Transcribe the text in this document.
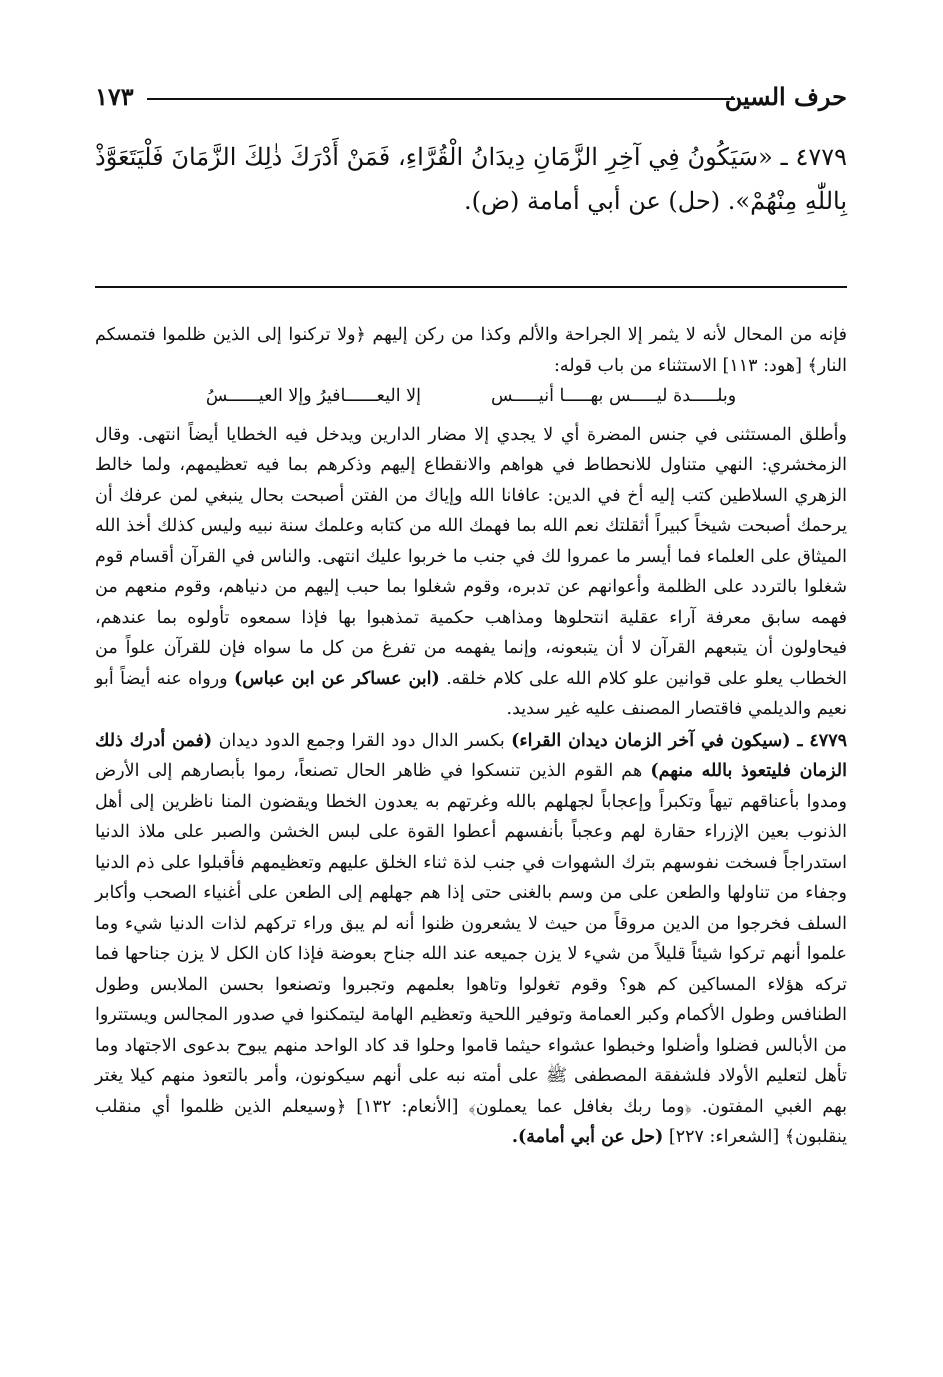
١٧٣	حرف السين
٤٧٧٩ ـ «سَيَكُونُ فِي آخِرِ الزَّمَانِ دِيدَانُ الْقُرَّاءِ، فَمَنْ أَدْرَكَ ذٰلِكَ الزَّمَانَ فَلْيَتَعَوَّذْ بِاللّٰهِ مِنْهُمْ». (حل) عن أبي أمامة (ض).

فإنه من المحال لأنه لا يثمر إلا الجراحة والألم وكذا من ركن إليهم ﴿ولا تركنوا إلى الذين ظلموا فتمسكم النار﴾ [هود: ١١٣] الاستثناء من باب قوله:

وبلـــــدة ليـــــس بهـــــا أنيـــــس
إلا اليعــــــافيرُ وإلا العيــــــسُ

وأطلق المستثنى في جنس المضرة أي لا يجدي إلا مضار الدارين ويدخل فيه الخطايا أيضاً انتهى. وقال الزمخشري: النهي متناول للانحطاط في هواهم والانقطاع إليهم وذكرهم بما فيه تعظيمهم، ولما خالط الزهري السلاطين كتب إليه أخ في الدين: عافانا الله وإياك من الفتن أصبحت بحال ينبغي لمن عرفك أن يرحمك أصبحت شيخاً كبيراً أثقلتك نعم الله بما فهمك الله من كتابه وعلمك سنة نبيه وليس كذلك أخذ الله الميثاق على العلماء فما أيسر ما عمروا لك في جنب ما خربوا عليك انتهى. والناس في القرآن أقسام قوم شغلوا بالتردد على الظلمة وأعوانهم عن تدبره، وقوم شغلوا بما حبب إليهم من دنياهم، وقوم منعهم من فهمه سابق معرفة آراء عقلية انتحلوها ومذاهب حكمية تمذهبوا بها فإذا سمعوه تأولوه بما عندهم، فيحاولون أن يتبعهم القرآن لا أن يتبعونه، وإنما يفهمه من تفرغ من كل ما سواه فإن للقرآن علواً من الخطاب يعلو على قوانين علو كلام الله على كلام خلقه. (ابن عساكر عن ابن عباس) ورواه عنه أيضاً أبو نعيم والديلمي فاقتصار المصنف عليه غير سديد.

٤٧٧٩ ـ (سيكون في آخر الزمان ديدان القراء) بكسر الدال دود القرا وجمع الدود ديدان (فمن أدرك ذلك الزمان فليتعوذ بالله منهم) هم القوم الذين تنسكوا في ظاهر الحال تصنعاً، رموا بأبصارهم إلى الأرض ومدوا بأعناقهم تيهاً وتكبراً وإعجاباً لجهلهم بالله وغرتهم به يعدون الخطا ويقضون المنا ناظرين إلى أهل الذنوب بعين الإزراء حقارة لهم وعجباً بأنفسهم أعطوا القوة على لبس الخشن والصبر على ملاذ الدنيا استدراجاً فسخت نفوسهم بترك الشهوات في جنب لذة ثناء الخلق عليهم وتعظيمهم فأقبلوا على ذم الدنيا وجفاء من تناولها والطعن على من وسم بالغنى حتى إذا هم جهلهم إلى الطعن على أغنياء الصحب وأكابر السلف فخرجوا من الدين مروقاً من حيث لا يشعرون ظنوا أنه لم يبق وراء تركهم لذات الدنيا شيء وما علموا أنهم تركوا شيئاً قليلاً من شيء لا يزن جميعه عند الله جناح بعوضة فإذا كان الكل لا يزن جناحها فما تركه هؤلاء المساكين كم هو؟ وقوم تغولوا وتاهوا بعلمهم وتجبروا وتصنعوا بحسن الملابس وطول الطنافس وطول الأكمام وكبر العمامة وتوفير اللحية وتعظيم الهامة ليتمكنوا في صدور المجالس ويستتروا من الأبالس فضلوا وأضلوا وخبطوا عشواء حيثما قاموا وحلوا قد كاد الواحد منهم يبوح بدعوى الاجتهاد وما تأهل لتعليم الأولاد فلشفقة المصطفى ﷺ على أمته نبه على أنهم سيكونون، وأمر بالتعوذ منهم كيلا يغتر بهم الغبي المفتون. ﴿وما ربك بغافل عما يعملون﴾ [الأنعام: ١٣٢] ﴿وسيعلم الذين ظلموا أي منقلب ينقلبون﴾ [الشعراء: ٢٢٧] (حل عن أبي أمامة).
